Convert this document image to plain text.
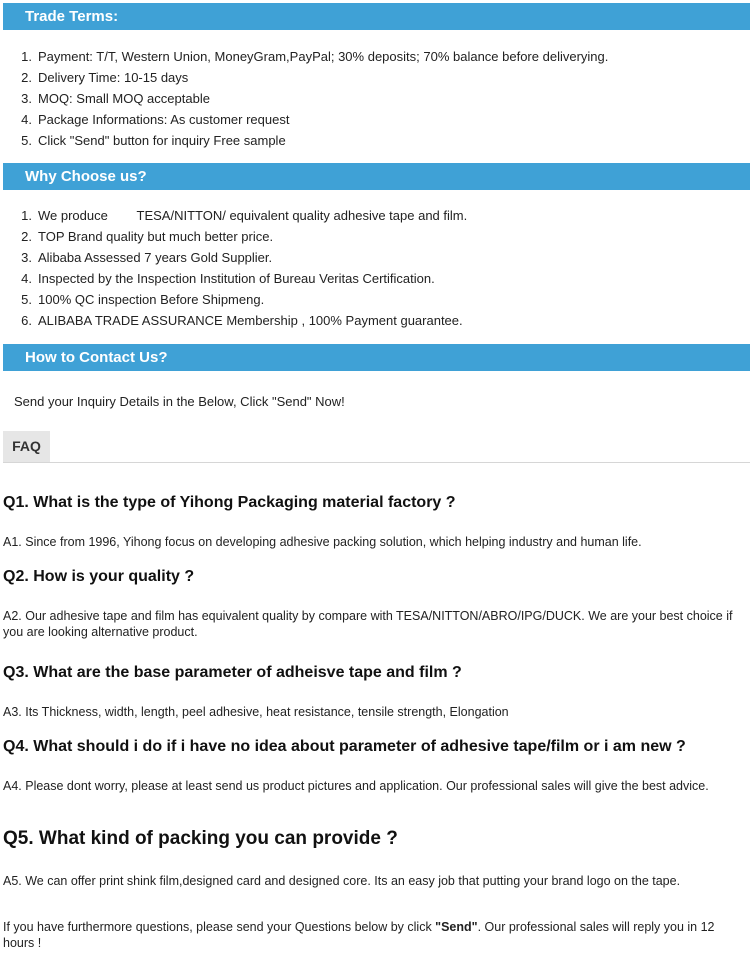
Trade Terms:
1. Payment: T/T, Western Union, MoneyGram,PayPal; 30% deposits; 70% balance before deliverying.
2. Delivery Time: 10-15 days
3. MOQ: Small MOQ acceptable
4. Package Informations: As customer request
5. Click "Send" button for inquiry Free sample
Why Choose us?
1. We produce        TESA/NITTON/ equivalent quality adhesive tape and film.
2. TOP Brand quality but much better price.
3. Alibaba Assessed 7 years Gold Supplier.
4. Inspected by the Inspection Institution of Bureau Veritas Certification.
5. 100% QC inspection Before Shipmeng.
6. ALIBABA TRADE ASSURANCE Membership , 100% Payment guarantee.
How to Contact Us?
Send your Inquiry Details in the Below, Click "Send" Now!
FAQ
Q1. What is the type of Yihong Packaging material factory ?
A1. Since from 1996, Yihong focus on developing adhesive packing solution, which helping industry and human life.
Q2. How is your quality ?
A2. Our adhesive tape and film has equivalent quality by compare with TESA/NITTON/ABRO/IPG/DUCK. We are your best choice if you are looking alternative product.
Q3. What are the base parameter of adheisve tape and film ?
A3. Its Thickness, width, length, peel adhesive, heat resistance, tensile strength, Elongation
Q4. What should i do if i have no idea about parameter of adhesive tape/film or i am new ?
A4. Please dont worry, please at least send us product pictures and application. Our professional sales will give the best advice.
Q5. What kind of packing you can provide ?
A5. We can offer print shink film,designed card and designed core. Its an easy job that putting your brand logo on the tape.
If you have furthermore questions, please send your Questions below by click "Send". Our professional sales will reply you in 12 hours !
